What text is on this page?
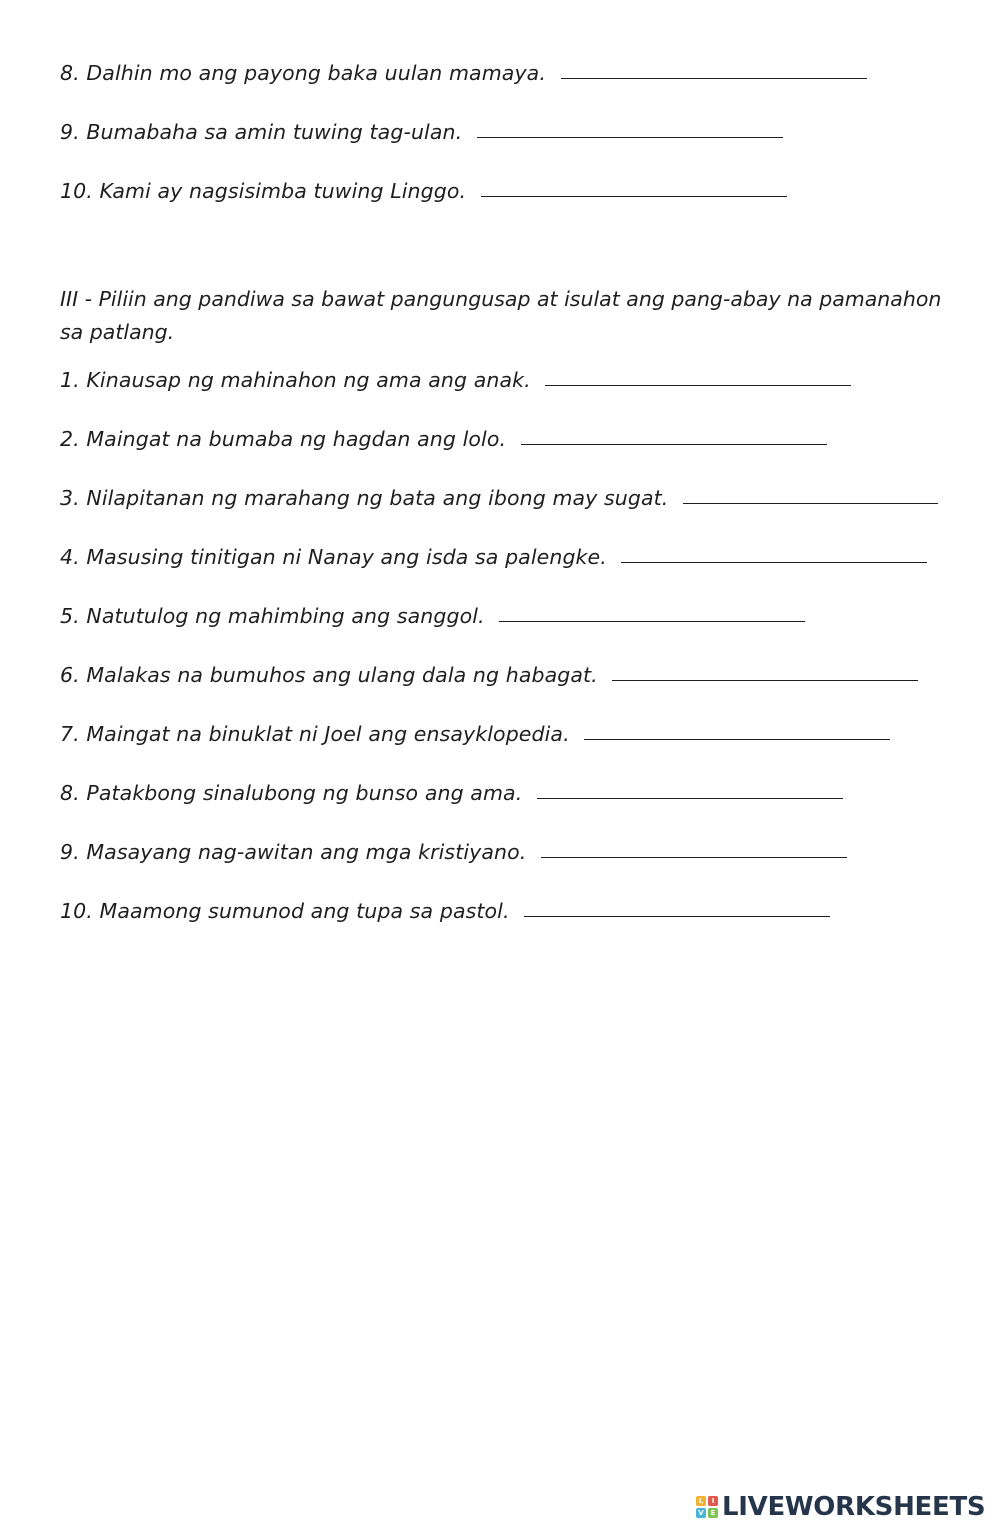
8. Dalhin mo ang payong baka uulan mamaya.
9. Bumabaha sa amin tuwing tag-ulan.
10. Kami ay nagsisimba tuwing Linggo.
III - Piliin ang pandiwa sa bawat pangungusap at isulat ang pang-abay na pamanahon
sa patlang.
1. Kinausap ng mahinahon ng ama ang anak.
2. Maingat na bumaba ng hagdan ang lolo.
3. Nilapitanan ng marahang ng bata ang ibong may sugat.
4. Masusing tinitigan ni Nanay ang isda sa palengke.
5. Natutulog ng mahimbing ang sanggol.
6. Malakas na bumuhos ang ulang dala ng habagat.
7. Maingat na binuklat ni Joel ang ensayklopedia.
8. Patakbong sinalubong ng bunso ang ama.
9. Masayang nag-awitan ang mga kristiyano.
10. Maamong sumunod ang tupa sa pastol.
L	I
V E LIVEWORKSHEETS
